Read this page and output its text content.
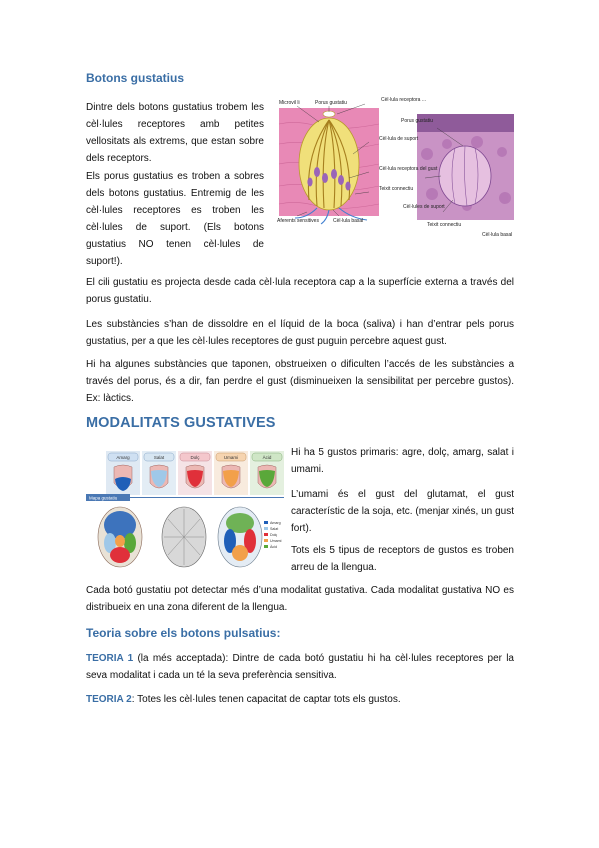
Botons gustatius
Dintre dels botons gustatius trobem les cèl·lules receptores amb petites vellositats als extrems, que estan sobre dels receptors.
Els porus gustatius es troben a sobres dels botons gustatius. Entremig de les cèl·lules receptores es troben les cèl·lules de suport. (Els botons gustatius NO tenen cèl·lules de suport!).
Microvil li	Porus gustatiu	Cèl·lula receptora ...
Porus gustatiu
Cèl·lula de suport
Cèl·lula receptora del gust
Teixit connectiu
Aferents sensitives	Cèl·lula basal
Cèl·lules de suport
Teixit connectiu
Cèl·lula basal
El cili gustatiu es projecta desde cada cèl·lula receptora cap a la superfície externa a través del porus gustatiu.
Les substàncies s’han de dissoldre en el líquid de la boca (saliva) i han d’entrar pels porus gustatius, per a que les cèl·lules receptores de gust puguin percebre aquest gust.
Hi ha algunes substàncies que taponen, obstrueixen o dificulten l’accés de les substàncies a través del porus, és a dir, fan perdre el gust (disminueixen la sensibilitat per percebre gustos). Ex: làctics.
MODALITATS GUSTATIVES
Amarg	Salat	Dolç	Umami	Àcid
Mapa gustatiu
Amarg
Salat
Dolç
Umami
Àcid
Hi ha 5 gustos primaris: agre, dolç, amarg, salat i umami.
L’umami és el gust del glutamat, el gust característic de la soja, etc. (menjar xinés, un gust fort).
Tots els 5 tipus de receptors de gustos es troben arreu de la llengua.
Cada botó gustatiu pot detectar més d’una modalitat gustativa. Cada modalitat gustativa NO es distribueix en una zona diferent de la llengua.
Teoria sobre els botons pulsatius:
TEORIA 1 (la més acceptada): Dintre de cada botó gustatiu hi ha cèl·lules receptores per la seva modalitat i cada un té la seva preferència sensitiva.
TEORIA 2: Totes les cèl·lules tenen capacitat de captar tots els gustos.
